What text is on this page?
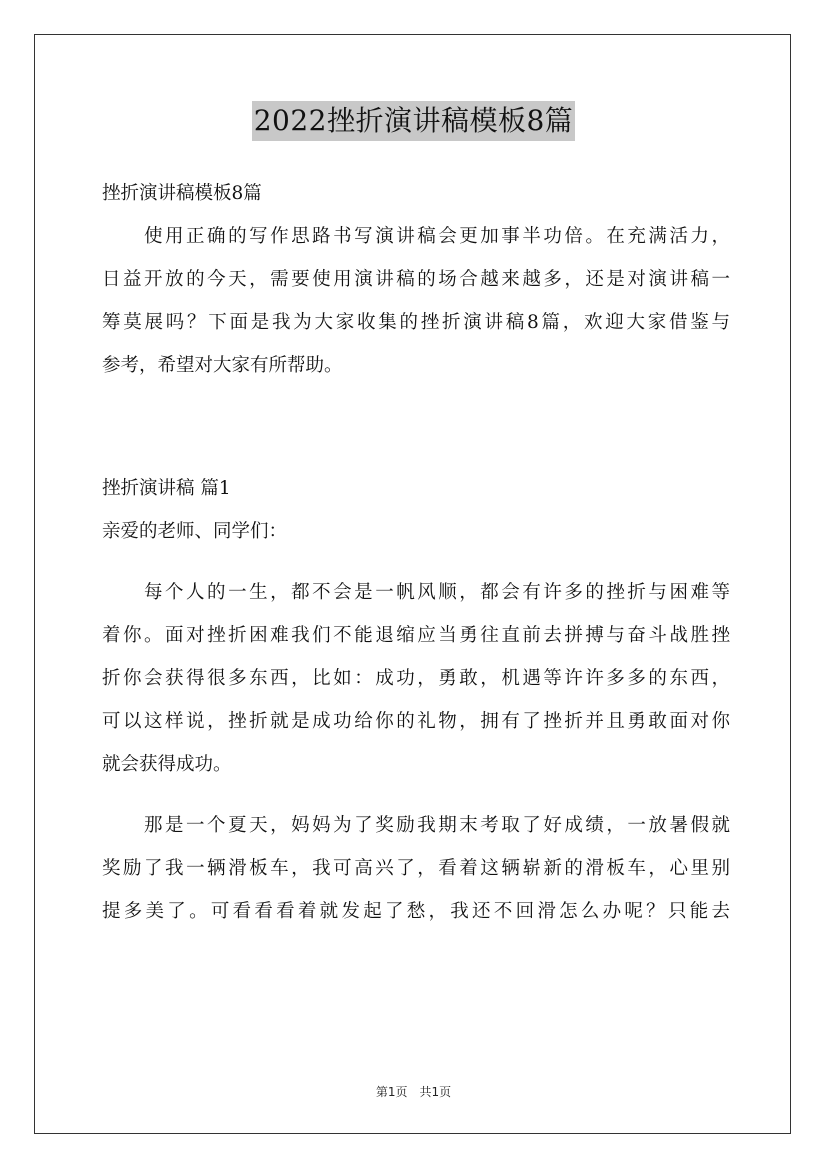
2022挫折演讲稿模板8篇
挫折演讲稿模板8篇
使用正确的写作思路书写演讲稿会更加事半功倍。在充满活力，
日益开放的今天，需要使用演讲稿的场合越来越多，还是对演讲稿一
筹莫展吗？下面是我为大家收集的挫折演讲稿8篇，欢迎大家借鉴与
参考，希望对大家有所帮助。
挫折演讲稿 篇1
亲爱的老师、同学们：
每个人的一生，都不会是一帆风顺，都会有许多的挫折与困难等
着你。面对挫折困难我们不能退缩应当勇往直前去拼搏与奋斗战胜挫
折你会获得很多东西，比如：成功，勇敢，机遇等许许多多的东西，
可以这样说，挫折就是成功给你的礼物，拥有了挫折并且勇敢面对你
就会获得成功。
那是一个夏天，妈妈为了奖励我期末考取了好成绩，一放暑假就
奖励了我一辆滑板车，我可高兴了，看着这辆崭新的滑板车，心里别
提多美了。可看看看着就发起了愁，我还不回滑怎么办呢？只能去
第1页　共1页
